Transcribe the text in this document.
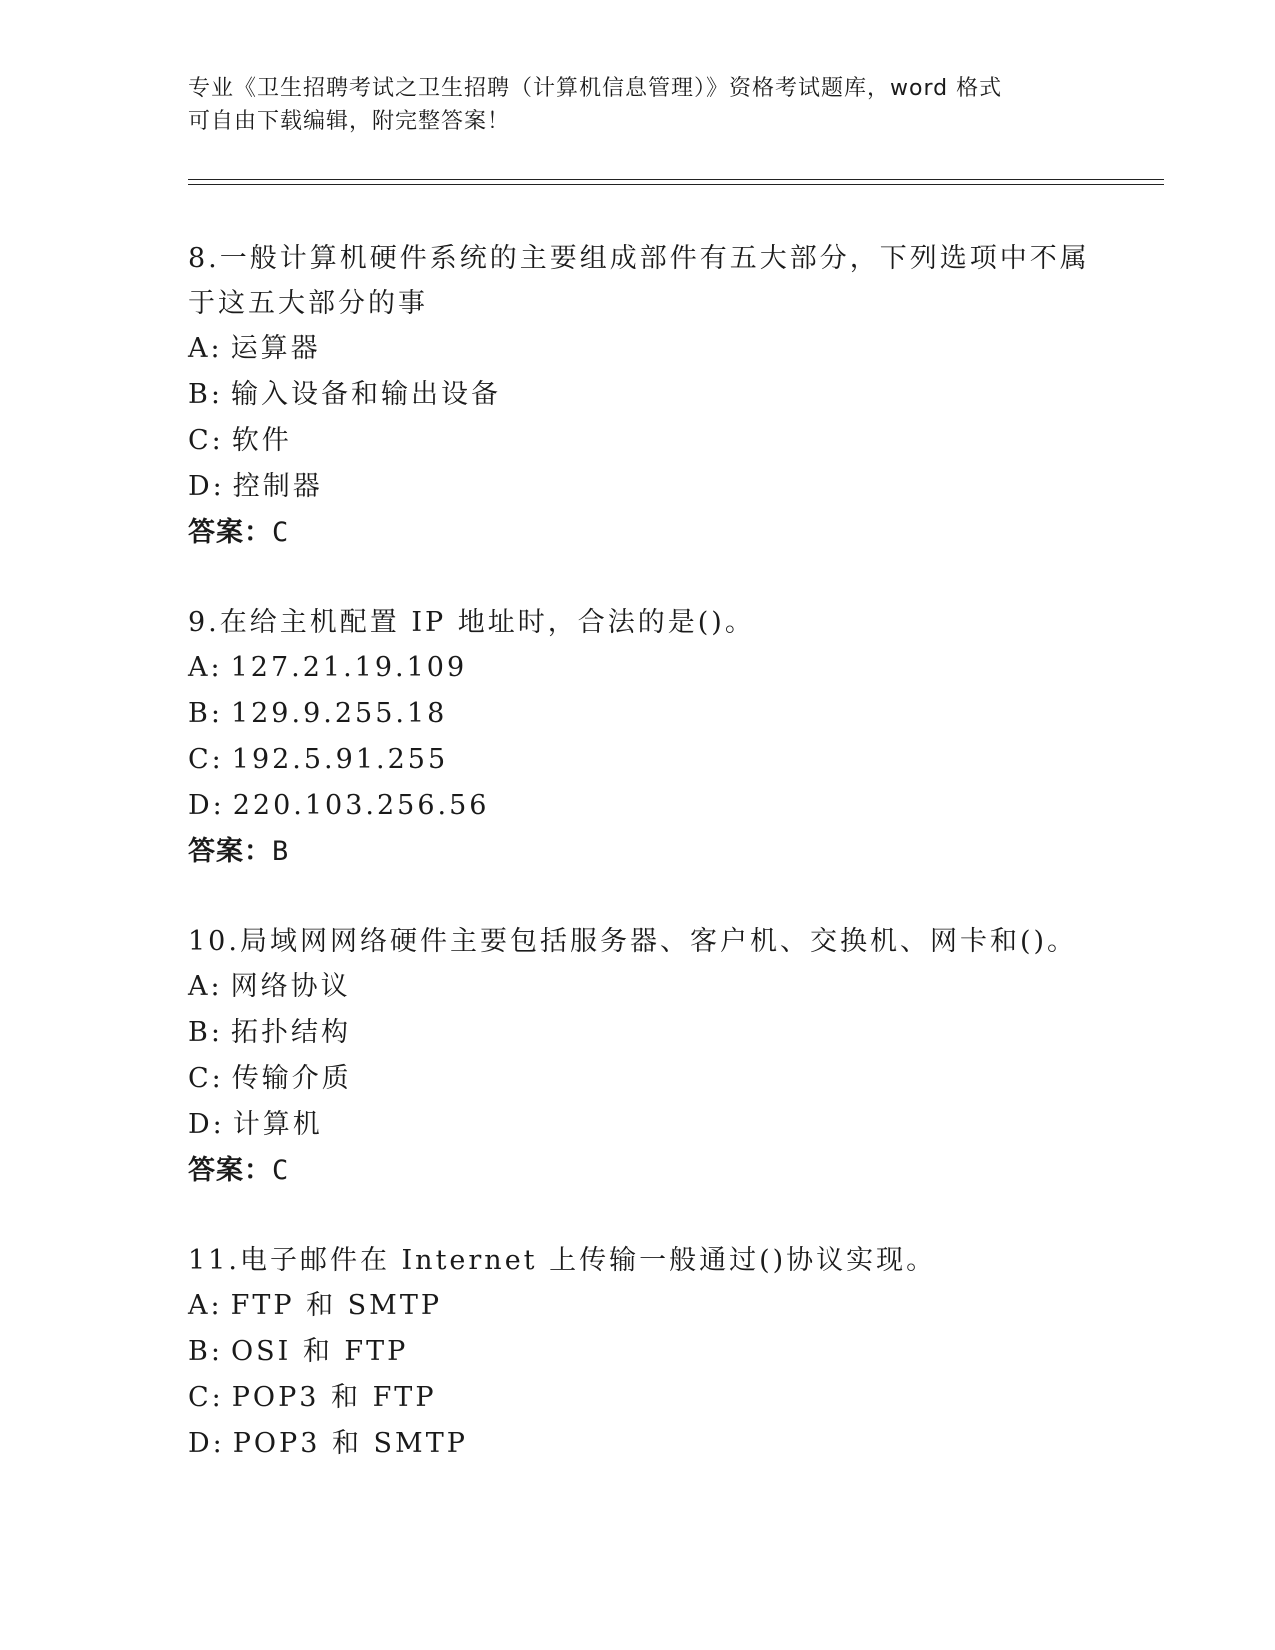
专业《卫生招聘考试之卫生招聘（计算机信息管理）》资格考试题库，word 格式
可自由下载编辑，附完整答案！
8.一般计算机硬件系统的主要组成部件有五大部分，下列选项中不属
于这五大部分的事
A: 运算器
B: 输入设备和输出设备
C: 软件
D: 控制器
答案：C
9.在给主机配置 IP 地址时，合法的是()。
A: 127.21.19.109
B: 129.9.255.18
C: 192.5.91.255
D: 220.103.256.56
答案：B
10.局域网网络硬件主要包括服务器、客户机、交换机、网卡和()。
A: 网络协议
B: 拓扑结构
C: 传输介质
D: 计算机
答案：C
11.电子邮件在 Internet 上传输一般通过()协议实现。
A: FTP 和 SMTP
B: OSI 和 FTP
C: POP3 和 FTP
D: POP3 和 SMTP
